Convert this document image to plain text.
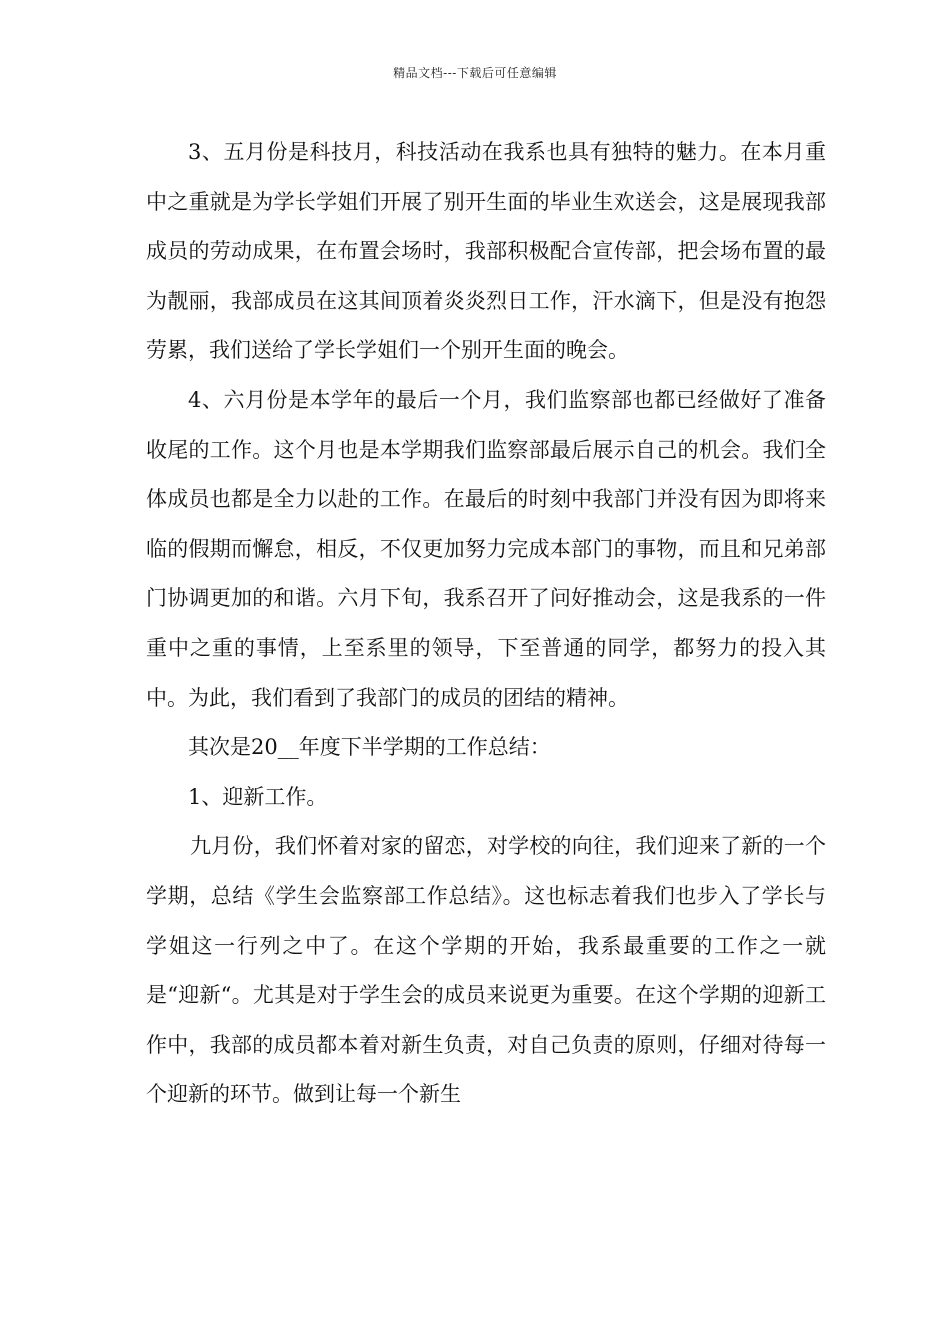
精品文档---下载后可任意编辑

3、五月份是科技月，科技活动在我系也具有独特的魅力。在本月重中之重就是为学长学姐们开展了别开生面的毕业生欢送会，这是展现我部成员的劳动成果，在布置会场时，我部积极配合宣传部，把会场布置的最为靓丽，我部成员在这其间顶着炎炎烈日工作，汗水滴下，但是没有抱怨劳累，我们送给了学长学姐们一个别开生面的晚会。

4、六月份是本学年的最后一个月，我们监察部也都已经做好了准备收尾的工作。这个月也是本学期我们监察部最后展示自己的机会。我们全体成员也都是全力以赴的工作。在最后的时刻中我部门并没有因为即将来临的假期而懈怠，相反，不仅更加努力完成本部门的事物，而且和兄弟部门协调更加的和谐。六月下旬，我系召开了问好推动会，这是我系的一件重中之重的事情，上至系里的领导，下至普通的同学，都努力的投入其中。为此，我们看到了我部门的成员的团结的精神。

其次是20__年度下半学期的工作总结：

1、迎新工作。

九月份，我们怀着对家的留恋，对学校的向往，我们迎来了新的一个学期，总结《学生会监察部工作总结》。这也标志着我们也步入了学长与学姐这一行列之中了。在这个学期的开始，我系最重要的工作之一就是“迎新“。尤其是对于学生会的成员来说更为重要。在这个学期的迎新工作中，我部的成员都本着对新生负责，对自己负责的原则，仔细对待每一个迎新的环节。做到让每一个新生
